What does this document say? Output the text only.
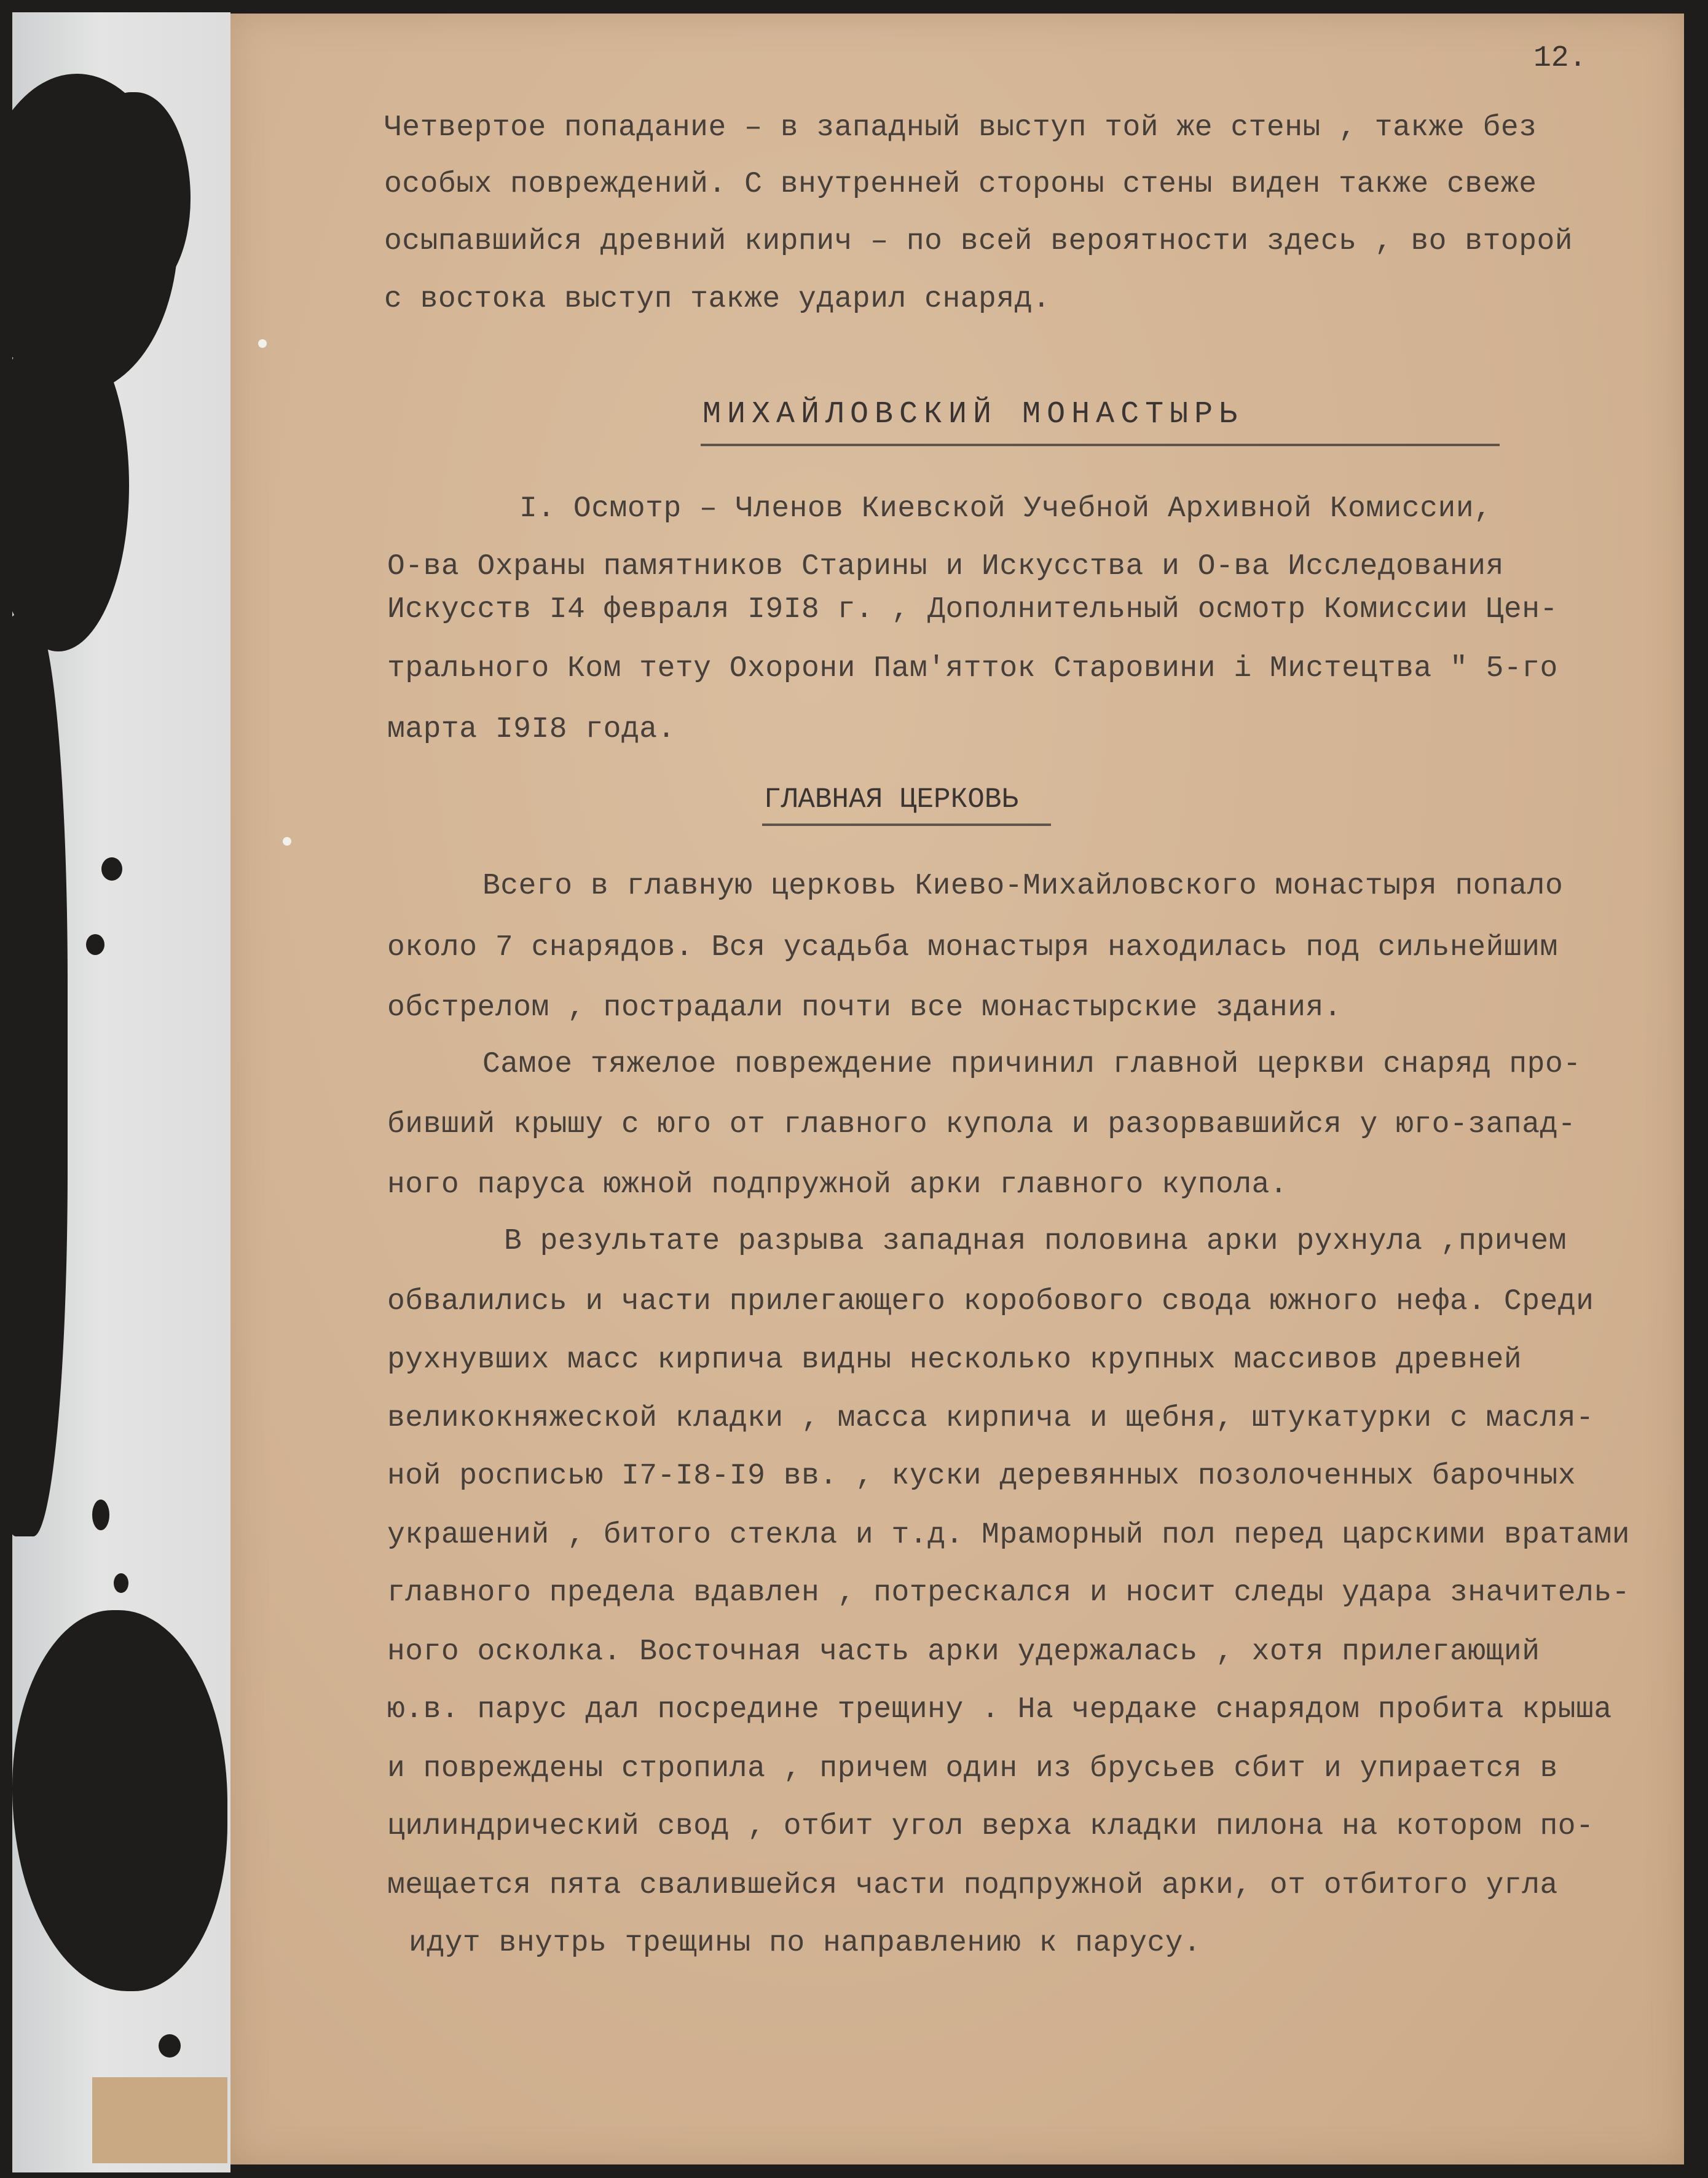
12.
Четвертое попадание – в западный выступ той же стены , также без
особых повреждений. С внутренней стороны стены виден также свеже
осыпавшийся древний кирпич – по всей вероятности здесь , во второй
с востока выступ также ударил снаряд.
МИХАЙЛОВСКИЙ МОНАСТЫРЬ
I. Осмотр – Членов Киевской Учебной Архивной Комиссии,
О-ва Охраны памятников Старины и Искусства и О-ва Исследования
Искусств I4 февраля I9I8 г. , Дополнительный осмотр Комиссии Цен-
трального Ком тету Охорони Пам'ятток Старовини і Мистецтва " 5-го
марта I9I8 года.
ГЛАВНАЯ ЦЕРКОВЬ
Всего в главную церковь Киево-Михайловского монастыря попало
около 7 снарядов. Вся усадьба монастыря находилась под сильнейшим
обстрелом , пострадали почти все монастырские здания.
Самое тяжелое повреждение причинил главной церкви снаряд про-
бивший крышу с юго от главного купола и разорвавшийся у юго-запад-
ного паруса южной подпружной арки главного купола.
В результате разрыва западная половина арки рухнула ,причем
обвалились и части прилегающего коробового свода южного нефа. Среди
рухнувших масс кирпича видны несколько крупных массивов древней
великокняжеской кладки , масса кирпича и щебня, штукатурки с масля-
ной росписью I7-I8-I9 вв. , куски деревянных позолоченных барочных
украшений , битого стекла и т.д. Мраморный пол перед царскими вратами
главного предела вдавлен , потрескался и носит следы удара значитель-
ного осколка. Восточная часть арки удержалась , хотя прилегающий
ю.в. парус дал посредине трещину . На чердаке снарядом пробита крыша
и повреждены стропила , причем один из брусьев сбит и упирается в
цилиндрический свод , отбит угол верха кладки пилона на котором по-
мещается пята свалившейся части подпружной арки, от отбитого угла
идут внутрь трещины по направлению к парусу.
